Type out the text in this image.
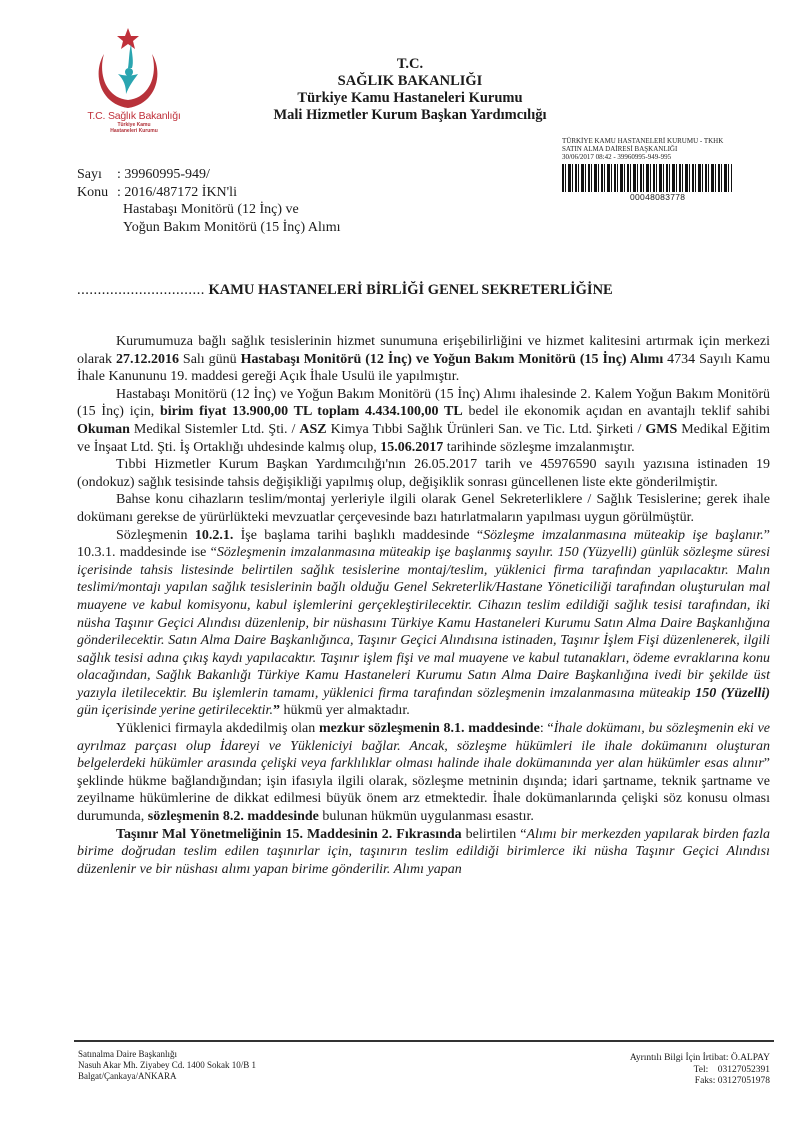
T.C. Sağlık Bakanlığı
Türkiye Kamu
Hastaneleri Kurumu
T.C.
SAĞLIK BAKANLIĞI
Türkiye Kamu Hastaneleri Kurumu
Mali Hizmetler Kurum Başkan Yardımcılığı
TÜRKİYE KAMU HASTANELERİ KURUMU - TKHK
SATIN ALMA DAİRESİ BAŞKANLIĞI
30/06/2017 08:42 - 39960995-949-995
00048083778
Sayı	: 39960995-949/
Konu : 2016/487172 İKN'li
Hastabaşı Monitörü (12 İnç) ve
Yoğun Bakım Monitörü (15 İnç) Alımı
............................... KAMU HASTANELERİ BİRLİĞİ GENEL SEKRETERLİĞİNE

Kurumumuza bağlı sağlık tesislerinin hizmet sunumuna erişebilirliğini ve hizmet kalitesini artırmak için merkezi olarak 27.12.2016 Salı günü Hastabaşı Monitörü (12 İnç) ve Yoğun Bakım Monitörü (15 İnç) Alımı 4734 Sayılı Kamu İhale Kanununu 19. maddesi gereği Açık İhale Usulü ile yapılmıştır.

Hastabaşı Monitörü (12 İnç) ve Yoğun Bakım Monitörü (15 İnç) Alımı ihalesinde 2. Kalem Yoğun Bakım Monitörü (15 İnç) için, birim fiyat 13.900,00 TL toplam 4.434.100,00 TL bedel ile ekonomik açıdan en avantajlı teklif sahibi Okuman Medikal Sistemler Ltd. Şti. / ASZ Kimya Tıbbi Sağlık Ürünleri San. ve Tic. Ltd. Şirketi / GMS Medikal Eğitim ve İnşaat Ltd. Şti. İş Ortaklığı uhdesinde kalmış olup, 15.06.2017 tarihinde sözleşme imzalanmıştır.

Tıbbi Hizmetler Kurum Başkan Yardımcılığı'nın 26.05.2017 tarih ve 45976590 sayılı yazısına istinaden 19 (ondokuz) sağlık tesisinde tahsis değişikliği yapılmış olup, değişiklik sonrası güncellenen liste ekte gönderilmiştir.

Bahse konu cihazların teslim/montaj yerleriyle ilgili olarak Genel Sekreterliklere / Sağlık Tesislerine; gerek ihale dokümanı gerekse de yürürlükteki mevzuatlar çerçevesinde bazı hatırlatmaların yapılması uygun görülmüştür.

Sözleşmenin 10.2.1. İşe başlama tarihi başlıklı maddesinde “Sözleşme imzalanmasına müteakip işe başlanır.” 10.3.1. maddesinde ise “Sözleşmenin imzalanmasına müteakip işe başlanmış sayılır. 150 (Yüzyelli) günlük sözleşme süresi içerisinde tahsis listesinde belirtilen sağlık tesislerine montaj/teslim, yüklenici firma tarafından yapılacaktır. Malın teslimi/montajı yapılan sağlık tesislerinin bağlı olduğu Genel Sekreterlik/Hastane Yöneticiliği tarafından oluşturulan mal muayene ve kabul komisyonu, kabul işlemlerini gerçekleştirilecektir. Cihazın teslim edildiği sağlık tesisi tarafından, iki nüsha Taşınır Geçici Alındısı düzenlenip, bir nüshasını Türkiye Kamu Hastaneleri Kurumu Satın Alma Daire Başkanlığına gönderilecektir. Satın Alma Daire Başkanlığınca, Taşınır Geçici Alındısına istinaden, Taşınır İşlem Fişi düzenlenerek, ilgili sağlık tesisi adına çıkış kaydı yapılacaktır. Taşınır işlem fişi ve mal muayene ve kabul tutanakları, ödeme evraklarına konu olacağından, Sağlık Bakanlığı Türkiye Kamu Hastaneleri Kurumu Satın Alma Daire Başkanlığına ivedi bir şekilde üst yazıyla iletilecektir. Bu işlemlerin tamamı, yüklenici firma tarafından sözleşmenin imzalanmasına müteakip 150 (Yüzelli) gün içerisinde yerine getirilecektir.” hükmü yer almaktadır.

Yüklenici firmayla akdedilmiş olan mezkur sözleşmenin 8.1. maddesinde: “İhale dokümanı, bu sözleşmenin eki ve ayrılmaz parçası olup İdareyi ve Yükleniciyi bağlar. Ancak, sözleşme hükümleri ile ihale dokümanını oluşturan belgelerdeki hükümler arasında çelişki veya farklılıklar olması halinde ihale dokümanında yer alan hükümler esas alınır” şeklinde hükme bağlandığından; işin ifasıyla ilgili olarak, sözleşme metninin dışında; idari şartname, teknik şartname ve zeyilname hükümlerine de dikkat edilmesi büyük önem arz etmektedir. İhale dokümanlarında çelişki söz konusu olması durumunda, sözleşmenin 8.2. maddesinde bulunan hükmün uygulanması esastır.

Taşınır Mal Yönetmeliğinin 15. Maddesinin 2. Fıkrasında belirtilen “Alımı bir merkezden yapılarak birden fazla birime doğrudan teslim edilen taşınırlar için, taşınırın teslim edildiği birimlerce iki nüsha Taşınır Geçici Alındısı düzenlenir ve bir nüshası alımı yapan birime gönderilir. Alımı yapan

Satınalma Daire Başkanlığı
Nasuh Akar Mh. Ziyabey Cd. 1400 Sokak 10/B 1
Balgat/Çankaya/ANKARA
Ayrıntılı Bilgi İçin İrtibat: Ö.ALPAY
Tel:    03127052391
Faks: 03127051978
